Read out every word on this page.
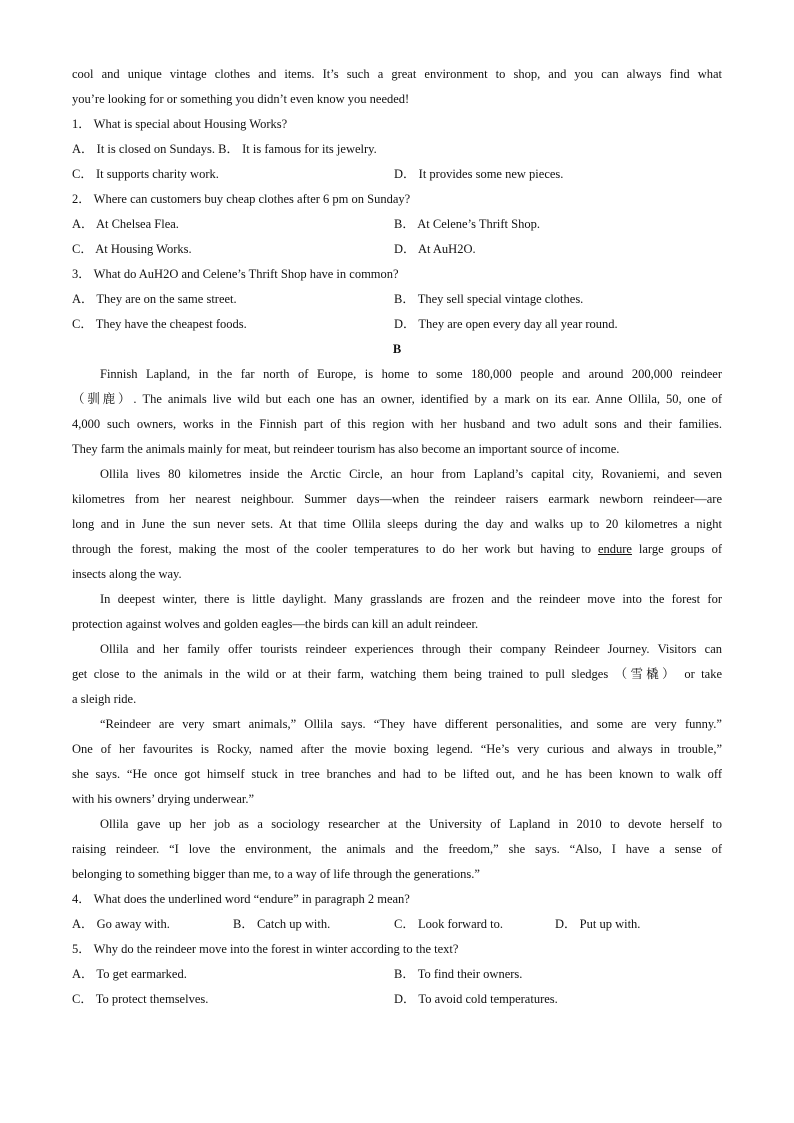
cool and unique vintage clothes and items. It’s such a great environment to shop, and you can always find what
you’re looking for or something you didn’t even know you needed!
1． What is special about Housing Works?
A． It is closed on Sundays. B． It is famous for its jewelry.
C． It supports charity work.	D． It provides some new pieces.
2． Where can customers buy cheap clothes after 6 pm on Sunday?
A． At Chelsea Flea.	B． At Celene’s Thrift Shop.
C． At Housing Works.	D． At AuH2O.
3． What do AuH2O and Celene’s Thrift Shop have in common?
A． They are on the same street.	B． They sell special vintage clothes.
C． They have the cheapest foods.	D． They are open every day all year round.
B
Finnish Lapland, in the far north of Europe, is home to some 180,000 people and around 200,000 reindeer
（驯鹿）. The animals live wild but each one has an owner, identified by a mark on its ear. Anne Ollila, 50, one of
4,000 such owners, works in the Finnish part of this region with her husband and two adult sons and their families.
They farm the animals mainly for meat, but reindeer tourism has also become an important source of income.
Ollila lives 80 kilometres inside the Arctic Circle, an hour from Lapland’s capital city, Rovaniemi, and seven
kilometres from her nearest neighbour. Summer days—when the reindeer raisers earmark newborn reindeer—are
long and in June the sun never sets. At that time Ollila sleeps during the day and walks up to 20 kilometres a night
through the forest, making the most of the cooler temperatures to do her work but having to endure large groups of
insects along the way.
In deepest winter, there is little daylight. Many grasslands are frozen and the reindeer move into the forest for
protection against wolves and golden eagles—the birds can kill an adult reindeer.
Ollila and her family offer tourists reindeer experiences through their company Reindeer Journey. Visitors can
get close to the animals in the wild or at their farm, watching them being trained to pull sledges （雪橇） or take
a sleigh ride.
“Reindeer are very smart animals,” Ollila says. “They have different personalities, and some are very funny.”
One of her favourites is Rocky, named after the movie boxing legend. “He’s very curious and always in trouble,”
she says. “He once got himself stuck in tree branches and had to be lifted out, and he has been known to walk off
with his owners’ drying underwear.”
Ollila gave up her job as a sociology researcher at the University of Lapland in 2010 to devote herself to
raising reindeer. “I love the environment, the animals and the freedom,” she says. “Also, I have a sense of
belonging to something bigger than me, to a way of life through the generations.”
4． What does the underlined word “endure” in paragraph 2 mean?
A． Go away with.	B． Catch up with.	C． Look forward to.	D． Put up with.
5． Why do the reindeer move into the forest in winter according to the text?
A． To get earmarked.	B． To find their owners.
C． To protect themselves.	D． To avoid cold temperatures.
